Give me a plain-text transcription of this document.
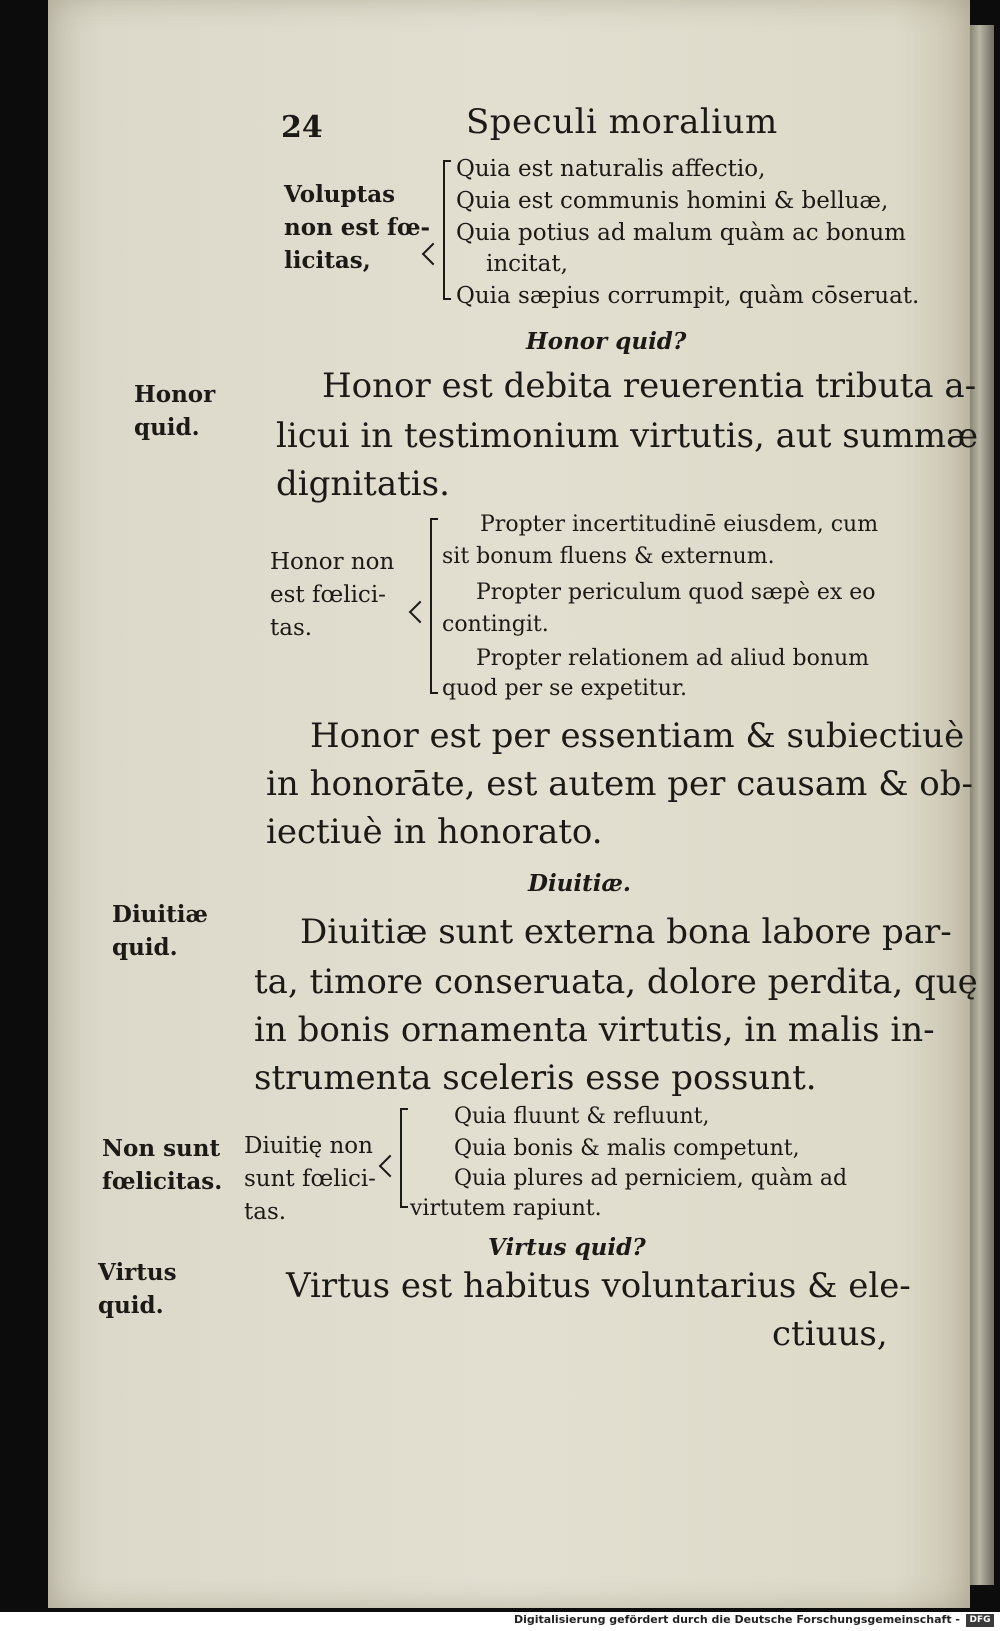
24	Speculi moralium
Voluptas
non est fœ-
licitas,
Quia est naturalis affectio,
Quia est communis homini & belluæ,
Quia potius ad malum quàm ac bonum
incitat,
Quia sæpius corrumpit, quàm cōseruat.
Honor quid?
Honor
quid.
Honor est debita reuerentia tributa a-
licui in testimonium virtutis, aut summæ
dignitatis.
Honor non
est fœlici-
tas.
Propter incertitudinē eiusdem, cum
sit bonum fluens & externum.
Propter periculum quod sæpè ex eo
contingit.
Propter relationem ad aliud bonum
quod per se expetitur.
Honor est per essentiam & subiectiuè
in honorāte, est autem per causam & ob-
iectiuè in honorato.
Diuitiæ.
Diuitiæ
quid.	Diuitiæ sunt externa bona labore par-
ta, timore conseruata, dolore perdita, quę
in bonis ornamenta virtutis, in malis in-
strumenta sceleris esse possunt.
Non sunt
fœlicitas.
Diuitię non
sunt fœlici-
tas.
Quia fluunt & refluunt,
Quia bonis & malis competunt,
Quia plures ad perniciem, quàm ad
virtutem rapiunt.
Virtus quid?
Virtus
quid.	Virtus est habitus voluntarius & ele-
ctiuus,
Digitalisierung gefördert durch die Deutsche Forschungsgemeinschaft -	DFG
